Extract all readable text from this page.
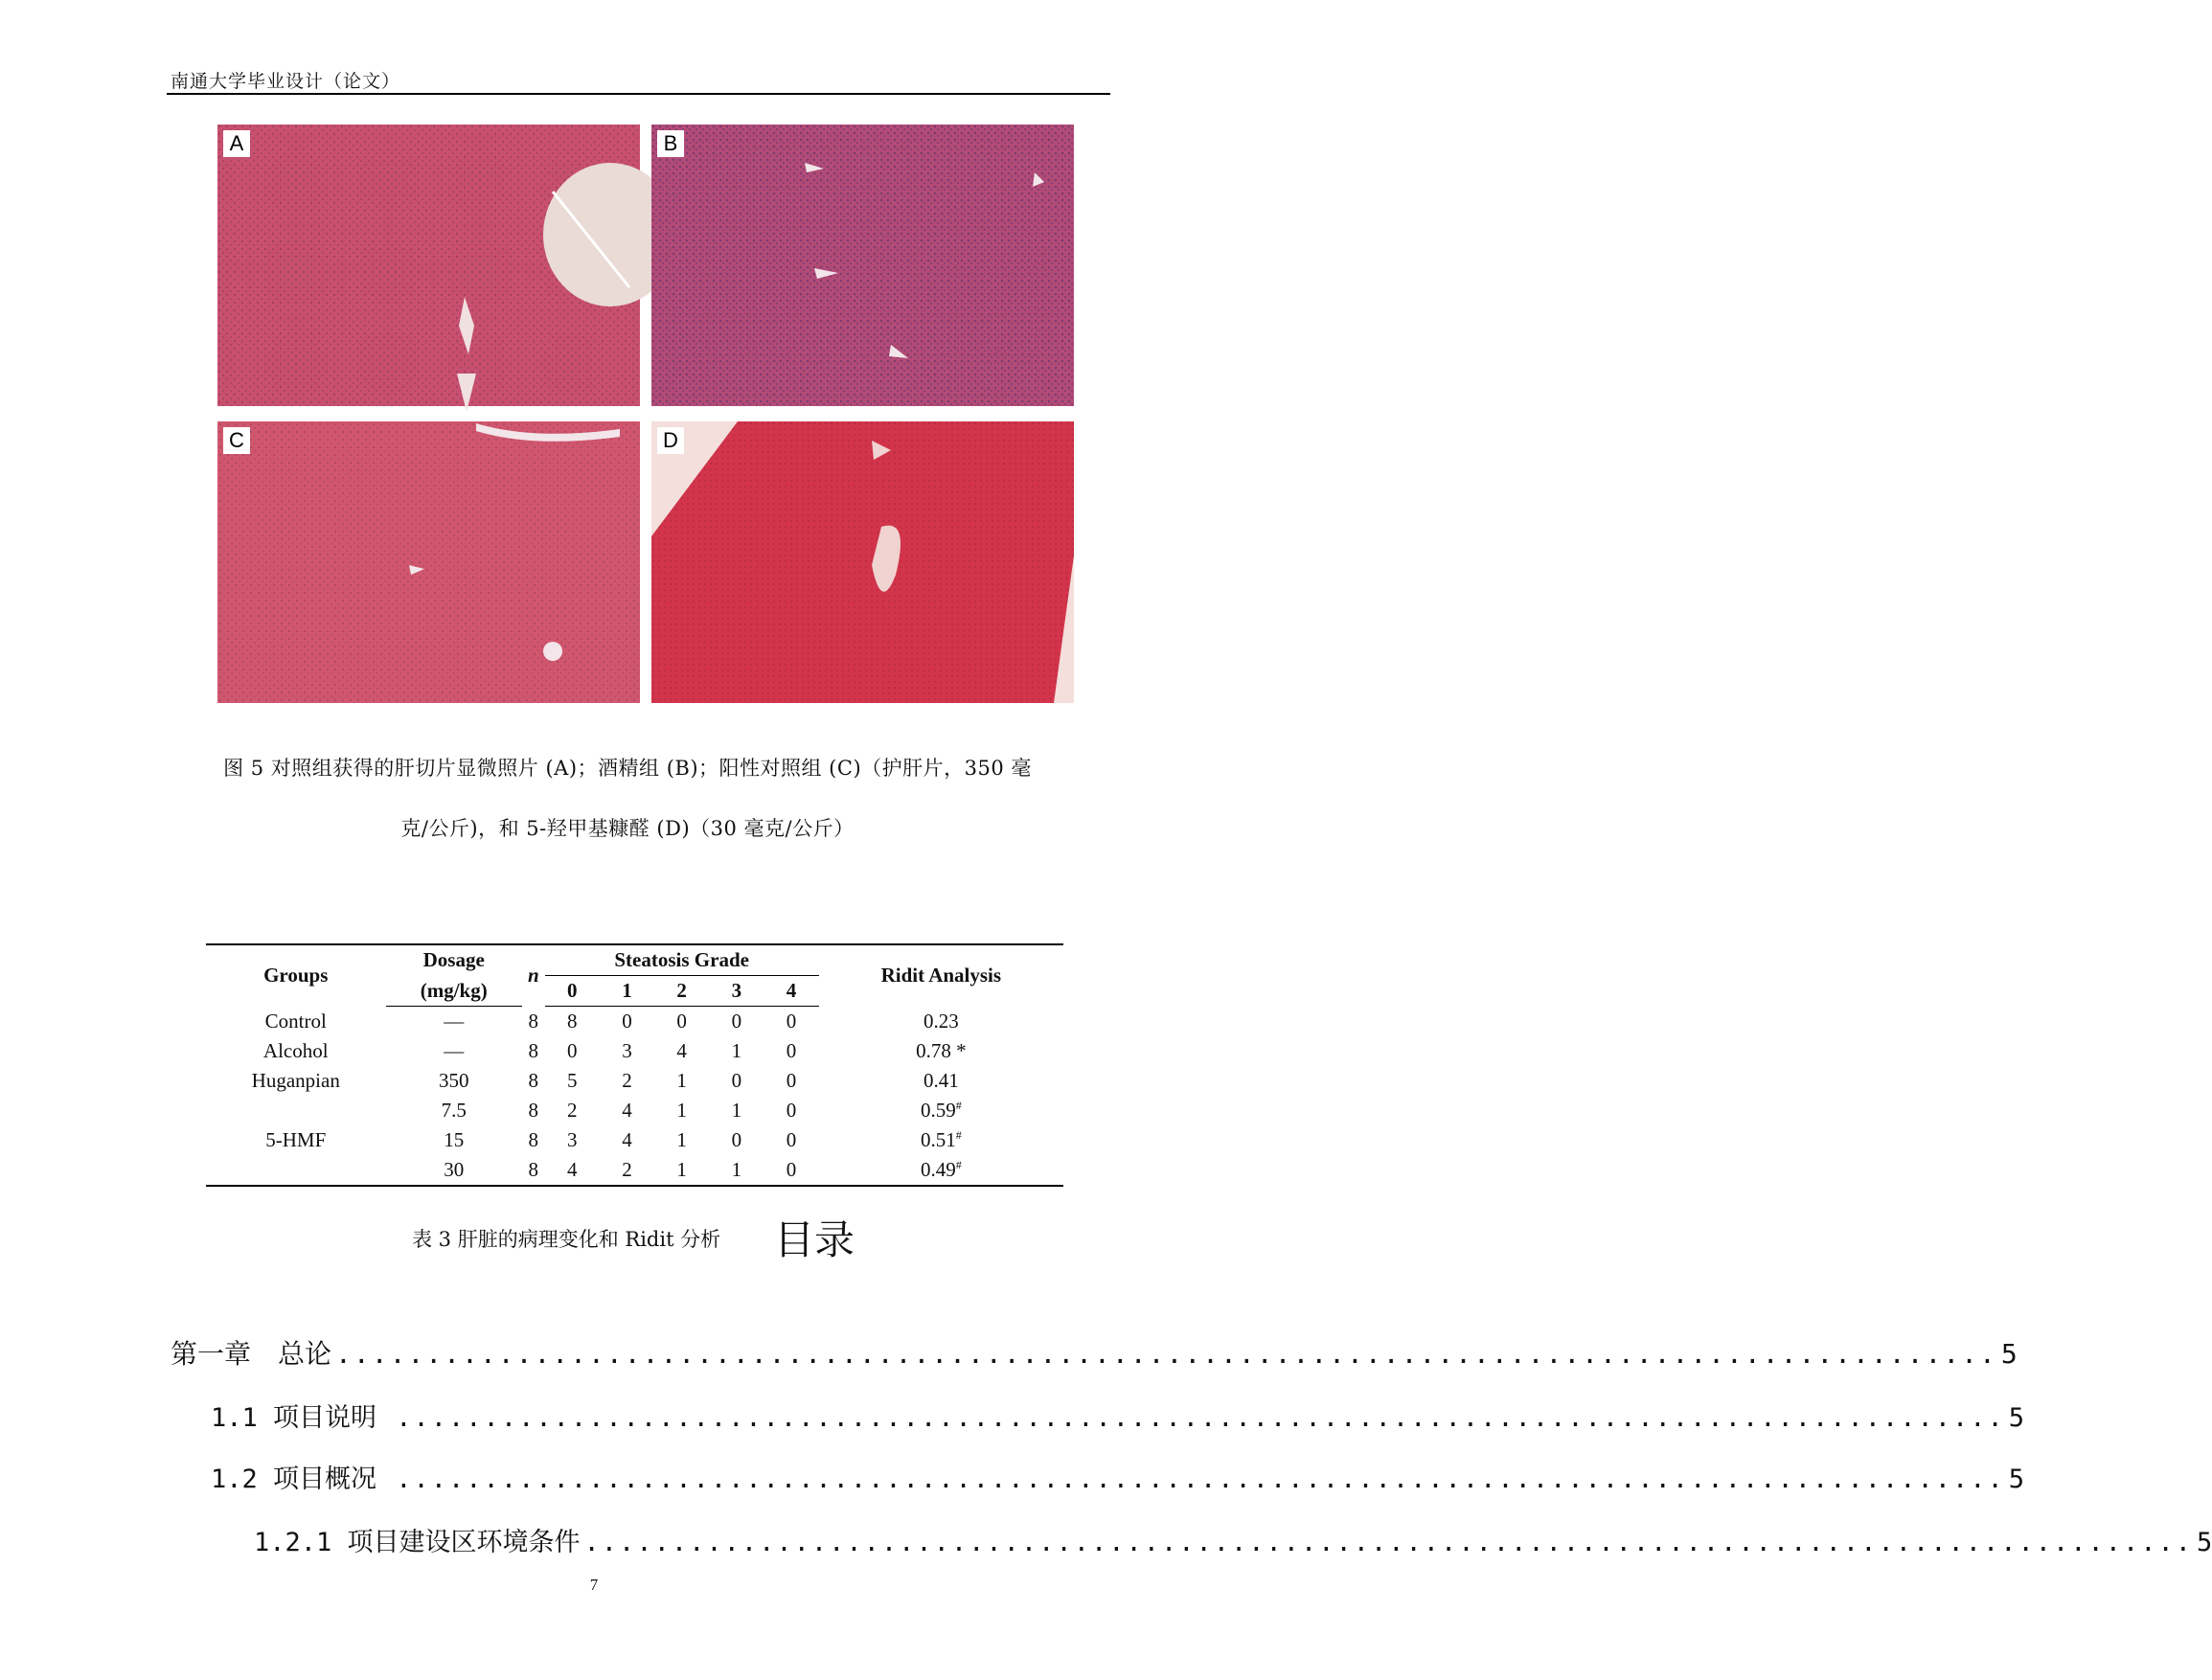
南通大学毕业设计（论文）
A	B
C	D
图 5 对照组获得的肝切片显微照片 (A)；酒精组 (B)；阳性对照组 (C)（护肝片，350 毫
克/公斤)，和 5-羟甲基糠醛 (D)（30 毫克/公斤）
Groups	Dosage	n	Steatosis Grade					Ridit Analysis
	(mg/kg)		0	1	2	3	4	
Control	—	8	8	0	0	0	0	0.23
Alcohol	—	8	0	3	4	1	0	0.78 *
Huganpian	350	8	5	2	1	0	0	0.41
	7.5	8	2	4	1	1	0	0.59#
5-HMF	15	8	3	4	1	0	0	0.51#
	30	8	4	2	1	1	0	0.49#
表 3 肝脏的病理变化和 Ridit 分析 目录
第一章　总论 ............................................................................................ 5
1.1 项目说明 ............................................................................................ 5
1.2 项目概况 ............................................................................................ 5
1.2.1 项目建设区环境条件 ............................................................................................ 5
7
